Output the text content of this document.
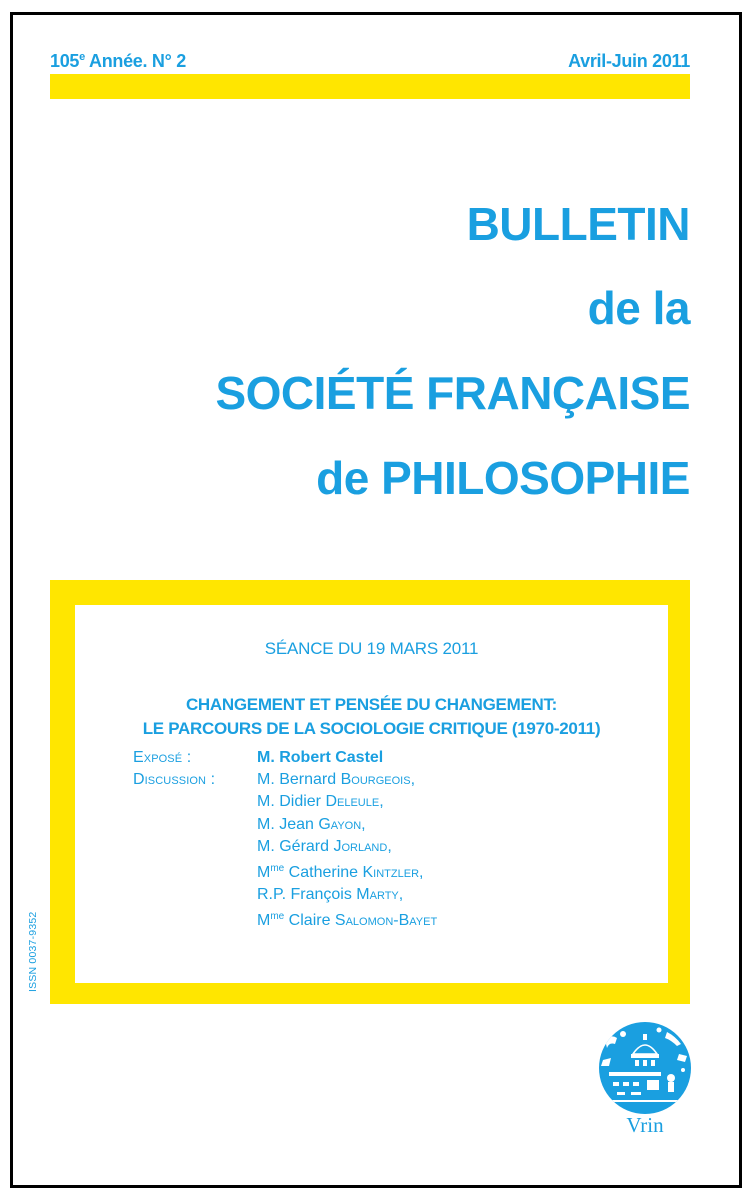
105e Année. N° 2	Avril-Juin 2011
BULLETIN
de la
SOCIÉTÉ FRANÇAISE
de PHILOSOPHIE
SÉANCE DU 19 MARS 2011
CHANGEMENT ET PENSÉE DU CHANGEMENT:
LE PARCOURS DE LA SOCIOLOGIE CRITIQUE (1970-2011)
Exposé :	M. Robert Castel
Discussion :	M. Bernard Bourgeois,
M. Didier Deleule,
M. Jean Gayon,
M. Gérard Jorland,
$M^{me}$ Catherine Kintzler,
R.P. François Marty,
$M^{me}$ Claire Salomon-Bayet
ISSN 0037-9352
Vrin
